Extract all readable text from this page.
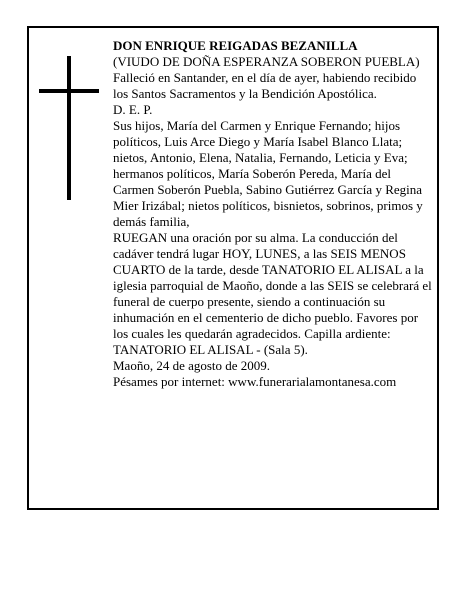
DON ENRIQUE REIGADAS BEZANILLA

(VIUDO DE DOÑA ESPERANZA SOBERON PUEBLA)

Falleció en Santander, en el día de ayer, habiendo recibido los Santos Sacramentos y la Bendición Apostólica.

D. E. P.

Sus hijos, María del Carmen y Enrique Fernando; hijos políticos, Luis Arce Diego y María Isabel Blanco Llata; nietos, Antonio, Elena, Natalia, Fernando, Leticia y Eva; hermanos políticos, María Soberón Pereda, María del Carmen Soberón Puebla, Sabino Gutiérrez García y Regina Mier Irizábal; nietos políticos, bisnietos, sobrinos, primos y demás familia,

RUEGAN una oración por su alma. La conducción del cadáver tendrá lugar HOY, LUNES, a las SEIS MENOS CUARTO de la tarde, desde TANATORIO EL ALISAL a la iglesia parroquial de Maoño, donde a las SEIS se celebrará el funeral de cuerpo presente, siendo a continuación su inhumación en el cementerio de dicho pueblo. Favores por los cuales les quedarán agradecidos. Capilla ardiente: TANATORIO EL ALISAL - (Sala 5).

Maoño, 24 de agosto de 2009.

Pésames por internet: www.funerarialamontanesa.com
